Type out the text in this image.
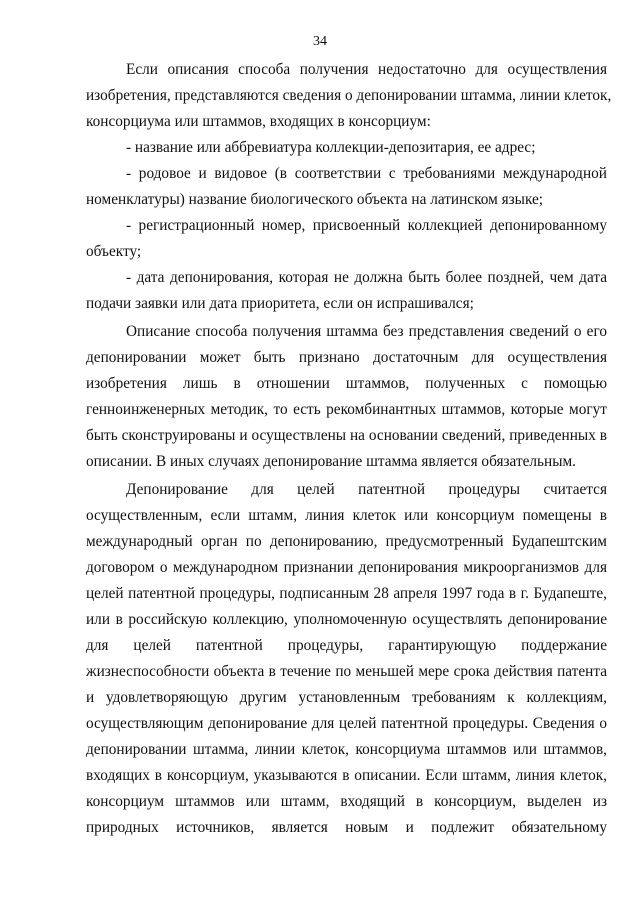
34

Если описания способа получения недостаточно для осуществления

изобретения, представляются сведения о депонировании штамма, линии клеток,

консорциума или штаммов, входящих в консорциум:

- название или аббревиатура коллекции-депозитария, ее адрес;

- родовое и видовое (в соответствии с требованиями международной

номенклатуры) название биологического объекта на латинском языке;

- регистрационный номер, присвоенный коллекцией депонированному

объекту;

- дата депонирования, которая не должна быть более поздней, чем дата

подачи заявки или дата приоритета, если он испрашивался;

Описание способа получения штамма без представления сведений о его

депонировании может быть признано достаточным для осуществления

изобретения лишь в отношении штаммов, полученных с помощью

генноинженерных методик, то есть рекомбинантных штаммов, которые могут

быть сконструированы и осуществлены на основании сведений, приведенных в

описании. В иных случаях депонирование штамма является обязательным.

Депонирование для целей патентной процедуры считается

осуществленным, если штамм, линия клеток или консорциум помещены в

международный орган по депонированию, предусмотренный Будапештским

договором о международном признании депонирования микроорганизмов для

целей патентной процедуры, подписанным 28 апреля 1997 года в г. Будапеште,

или в российскую коллекцию, уполномоченную осуществлять депонирование

для целей патентной процедуры, гарантирующую поддержание

жизнеспособности объекта в течение по меньшей мере срока действия патента

и удовлетворяющую другим установленным требованиям к коллекциям,

осуществляющим депонирование для целей патентной процедуры. Сведения о

депонировании штамма, линии клеток, консорциума штаммов или штаммов,

входящих в консорциум, указываются в описании. Если штамм, линия клеток,

консорциум штаммов или штамм, входящий в консорциум, выделен из

природных источников, является новым и подлежит обязательному
